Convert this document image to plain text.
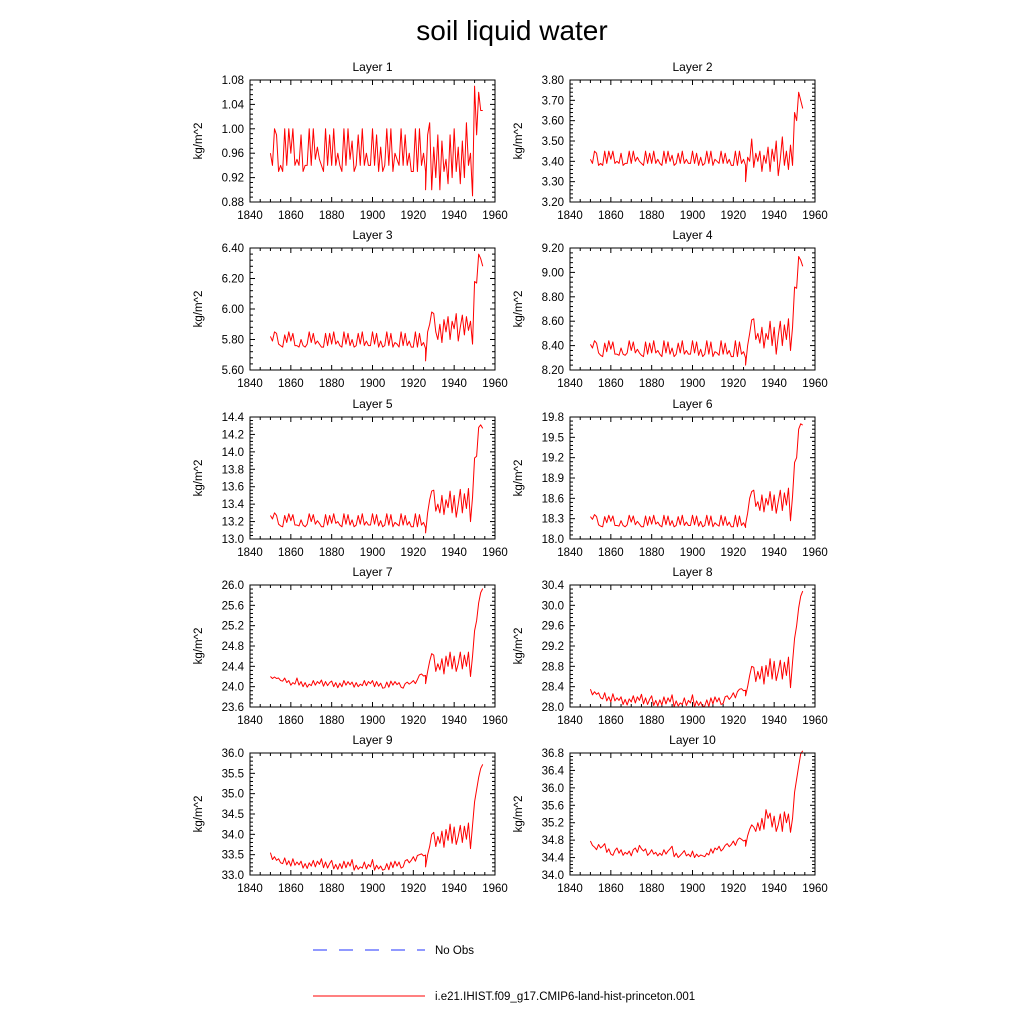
soil liquid water
Layer 1
kg/m^2
1840 1860 1880 1900 1920 1940 1960
0.88
0.92
0.96
1.00
1.04
1.08
Layer 2
kg/m^2
1840 1860 1880 1900 1920 1940 1960
3.20
3.30
3.40
3.50
3.60
3.70
3.80
Layer 3
kg/m^2
1840 1860 1880 1900 1920 1940 1960
5.60
5.80
6.00
6.20
6.40
Layer 4
kg/m^2
1840 1860 1880 1900 1920 1940 1960
8.20
8.40
8.60
8.80
9.00
9.20
Layer 5
kg/m^2
1840 1860 1880 1900 1920 1940 1960
13.0
13.2
13.4
13.6
13.8
14.0
14.2
14.4
Layer 6
kg/m^2
1840 1860 1880 1900 1920 1940 1960
18.0
18.3
18.6
18.9
19.2
19.5
19.8
Layer 7
kg/m^2
1840 1860 1880 1900 1920 1940 1960
23.6
24.0
24.4
24.8
25.2
25.6
26.0
Layer 8
kg/m^2
1840 1860 1880 1900 1920 1940 1960
28.0
28.4
28.8
29.2
29.6
30.0
30.4
Layer 9
kg/m^2
1840 1860 1880 1900 1920 1940 1960
33.0
33.5
34.0
34.5
35.0
35.5
36.0
Layer 10
kg/m^2
1840 1860 1880 1900 1920 1940 1960
34.0
34.4
34.8
35.2
35.6
36.0
36.4
36.8
No Obs
i.e21.IHIST.f09_g17.CMIP6-land-hist-princeton.001
